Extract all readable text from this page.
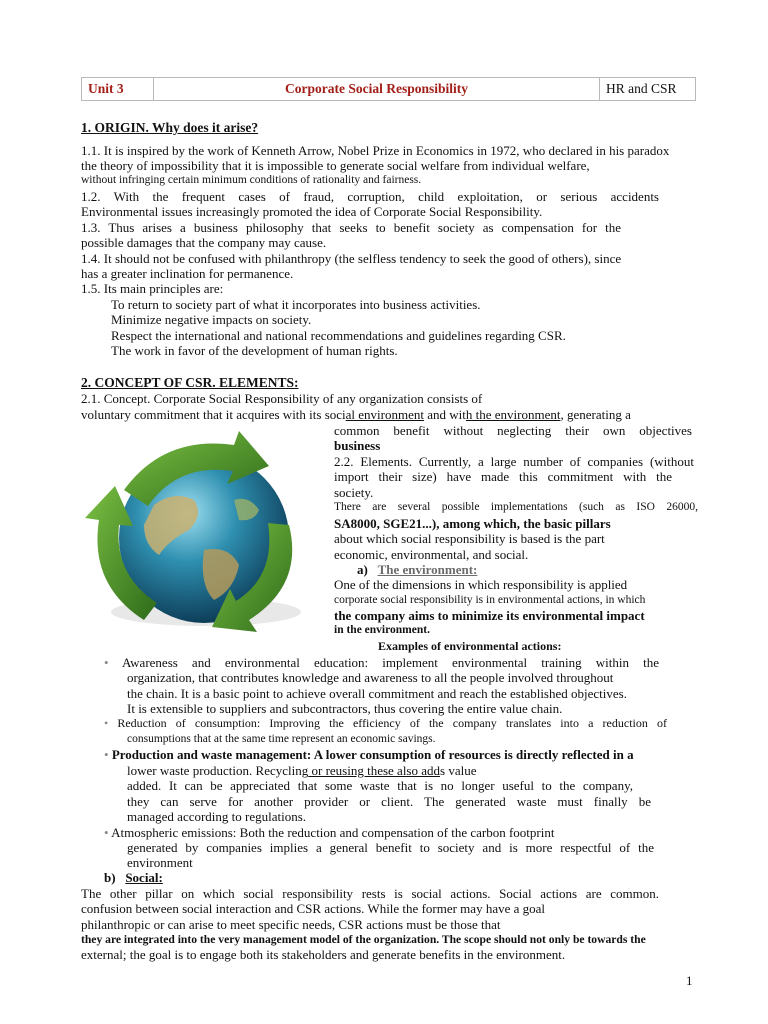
Unit 3	Corporate Social Responsibility	HR and CSR
1. ORIGIN. Why does it arise?
1.1. It is inspired by the work of Kenneth Arrow, Nobel Prize in Economics in 1972, who declared in his paradox
the theory of impossibility that it is impossible to generate social welfare from individual welfare,
without infringing certain minimum conditions of rationality and fairness.
1.2. With the frequent cases of fraud, corruption, child exploitation, or serious accidents
Environmental issues increasingly promoted the idea of Corporate Social Responsibility.
1.3. Thus arises a business philosophy that seeks to benefit society as compensation for the
possible damages that the company may cause.
1.4. It should not be confused with philanthropy (the selfless tendency to seek the good of others), since
has a greater inclination for permanence.
1.5. Its main principles are:
To return to society part of what it incorporates into business activities.
Minimize negative impacts on society.
Respect the international and national recommendations and guidelines regarding CSR.
The work in favor of the development of human rights.
2. CONCEPT OF CSR. ELEMENTS:
2.1. Concept. Corporate Social Responsibility of any organization consists of
voluntary commitment that it acquires with its social environment and with the environment, generating a
common benefit without neglecting their own objectives
business
2.2. Elements. Currently, a large number of companies (without
import their size) have made this commitment with the
society.
There are several possible implementations (such as ISO 26000,
SA8000, SGE21...), among which, the basic pillars
about which social responsibility is based is the part
economic, environmental, and social.
a) The environment:
One of the dimensions in which responsibility is applied
corporate social responsibility is in environmental actions, in which
the company aims to minimize its environmental impact
in the environment.
Examples of environmental actions:
• Awareness and environmental education: implement environmental training within the
organization, that contributes knowledge and awareness to all the people involved throughout
the chain. It is a basic point to achieve overall commitment and reach the established objectives.
It is extensible to suppliers and subcontractors, thus covering the entire value chain.
• Reduction of consumption: Improving the efficiency of the company translates into a reduction of
consumptions that at the same time represent an economic savings.
• Production and waste management: A lower consumption of resources is directly reflected in a
lower waste production. Recycling or reusing these also adds value
added. It can be appreciated that some waste that is no longer useful to the company,
they can serve for another provider or client. The generated waste must finally be
managed according to regulations.
• Atmospheric emissions: Both the reduction and compensation of the carbon footprint
generated by companies implies a general benefit to society and is more respectful of the
environment
b) Social:
The other pillar on which social responsibility rests is social actions. Social actions are common.
confusion between social interaction and CSR actions. While the former may have a goal
philanthropic or can arise to meet specific needs, CSR actions must be those that
they are integrated into the very management model of the organization. The scope should not only be towards the
external; the goal is to engage both its stakeholders and generate benefits in the environment.
1
